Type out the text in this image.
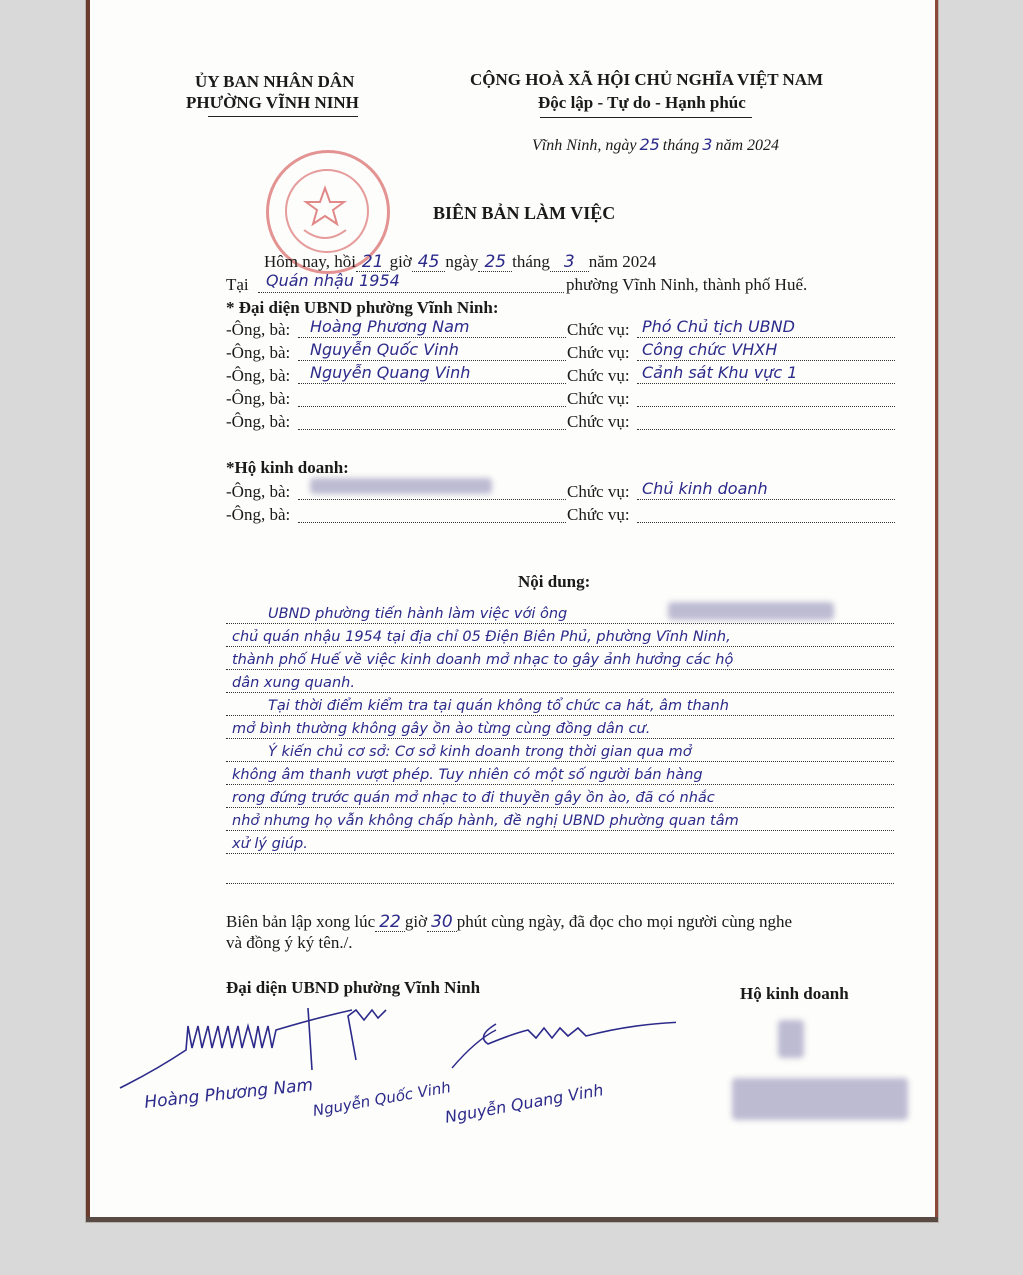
ỦY BAN NHÂN DÂN
PHƯỜNG VĨNH NINH
CỘNG HOÀ XÃ HỘI CHỦ NGHĨA VIỆT NAM
Độc lập - Tự do - Hạnh phúc
Vĩnh Ninh, ngày 25 tháng 3 năm 2024
BIÊN BẢN LÀM VIỆC
Hôm nay, hồi 21 giờ 45 ngày 25 tháng 3 năm 2024
Tại Quán nhậu 1954	phường Vĩnh Ninh, thành phố Huế.
* Đại diện UBND phường Vĩnh Ninh:
-Ông, bà: Hoàng Phương Nam	Chức vụ: Phó Chủ tịch UBND
-Ông, bà: Nguyễn Quốc Vinh	Chức vụ: Công chức VHXH
-Ông, bà: Nguyễn Quang Vinh	Chức vụ: Cảnh sát Khu vực 1
-Ông, bà:	Chức vụ:
-Ông, bà:	Chức vụ:
*Hộ kinh doanh:
-Ông, bà:	Chức vụ: Chủ kinh doanh
-Ông, bà:	Chức vụ:
Nội dung:
UBND phường tiến hành làm việc với ông
chủ quán nhậu 1954 tại địa chỉ 05 Điện Biên Phủ, phường Vĩnh Ninh,
thành phố Huế về việc kinh doanh mở nhạc to gây ảnh hưởng các hộ
dân xung quanh.
Tại thời điểm kiểm tra tại quán không tổ chức ca hát, âm thanh
mở bình thường không gây ồn ào từng cùng đồng dân cư.
Ý kiến chủ cơ sở: Cơ sở kinh doanh trong thời gian qua mở
không âm thanh vượt phép. Tuy nhiên có một số người bán hàng
rong đứng trước quán mở nhạc to đi thuyền gây ồn ào, đã có nhắc
nhở nhưng họ vẫn không chấp hành, đề nghị UBND phường quan tâm
xử lý giúp.
Biên bản lập xong lúc 22 giờ 30 phút cùng ngày, đã đọc cho mọi người cùng nghe
và đồng ý ký tên./.
Đại diện UBND phường Vĩnh Ninh	Hộ kinh doanh
Hoàng Phương Nam
Nguyễn Quốc Vinh
Nguyễn Quang Vinh
